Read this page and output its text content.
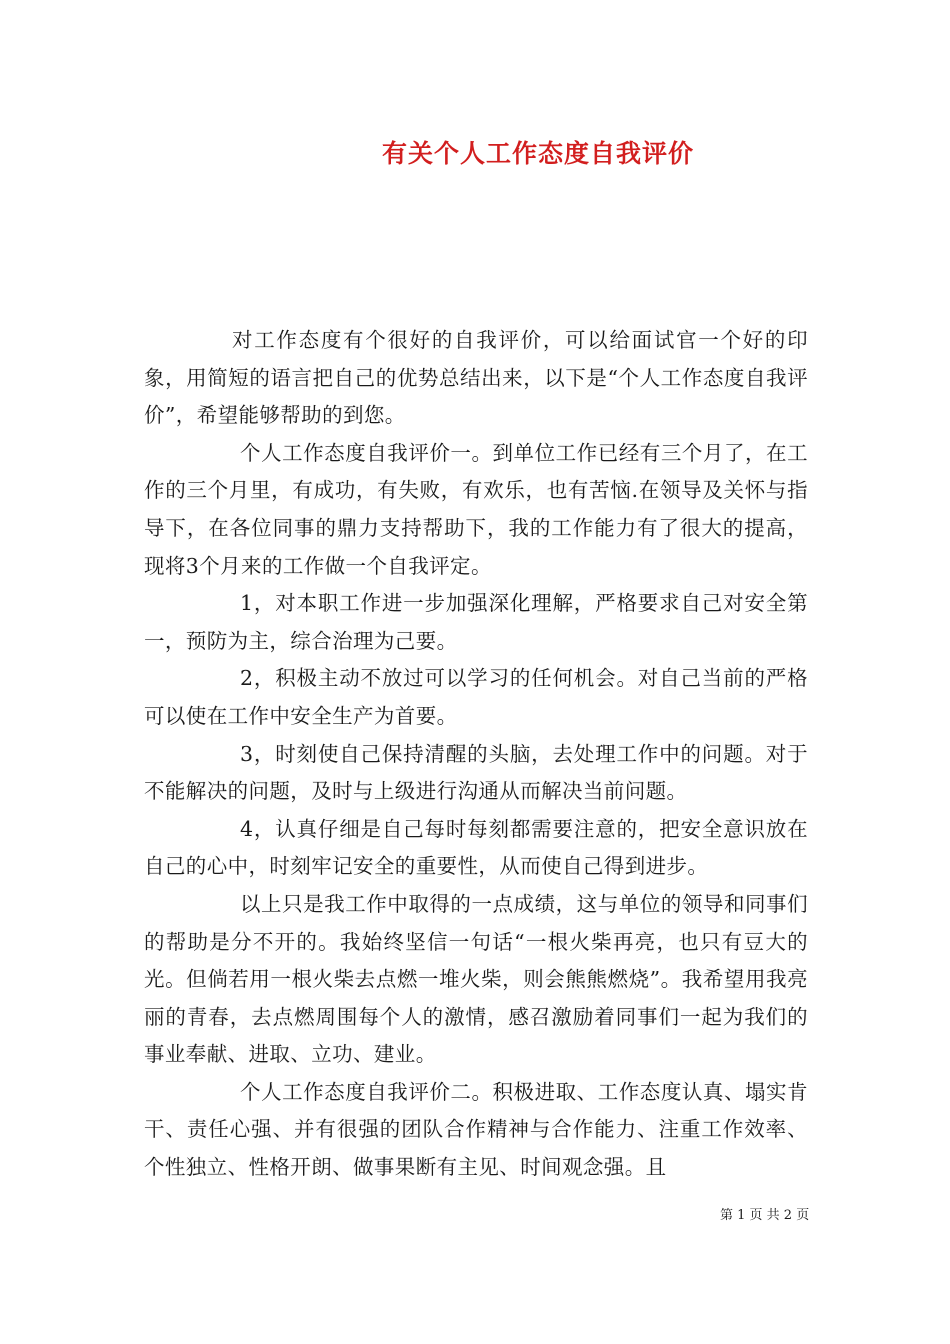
有关个人工作态度自我评价

对工作态度有个很好的自我评价，可以给面试官一个好的印象，用简短的语言把自己的优势总结出来，以下是“个人工作态度自我评价”，希望能够帮助的到您。

个人工作态度自我评价一。到单位工作已经有三个月了，在工作的三个月里，有成功，有失败，有欢乐，也有苦恼.在领导及关怀与指导下，在各位同事的鼎力支持帮助下，我的工作能力有了很大的提高，现将3个月来的工作做一个自我评定。

1，对本职工作进一步加强深化理解，严格要求自己对安全第一，预防为主，综合治理为己要。

2，积极主动不放过可以学习的任何机会。对自己当前的严格可以使在工作中安全生产为首要。

3，时刻使自己保持清醒的头脑，去处理工作中的问题。对于不能解决的问题，及时与上级进行沟通从而解决当前问题。

4，认真仔细是自己每时每刻都需要注意的，把安全意识放在自己的心中，时刻牢记安全的重要性，从而使自己得到进步。

以上只是我工作中取得的一点成绩，这与单位的领导和同事们的帮助是分不开的。我始终坚信一句话“一根火柴再亮，也只有豆大的光。但倘若用一根火柴去点燃一堆火柴，则会熊熊燃烧”。我希望用我亮丽的青春，去点燃周围每个人的激情，感召激励着同事们一起为我们的事业奉献、进取、立功、建业。

个人工作态度自我评价二。积极进取、工作态度认真、塌实肯干、责任心强、并有很强的团队合作精神与合作能力、注重工作效率、个性独立、性格开朗、做事果断有主见、时间观念强。且

第 1 页 共 2 页
